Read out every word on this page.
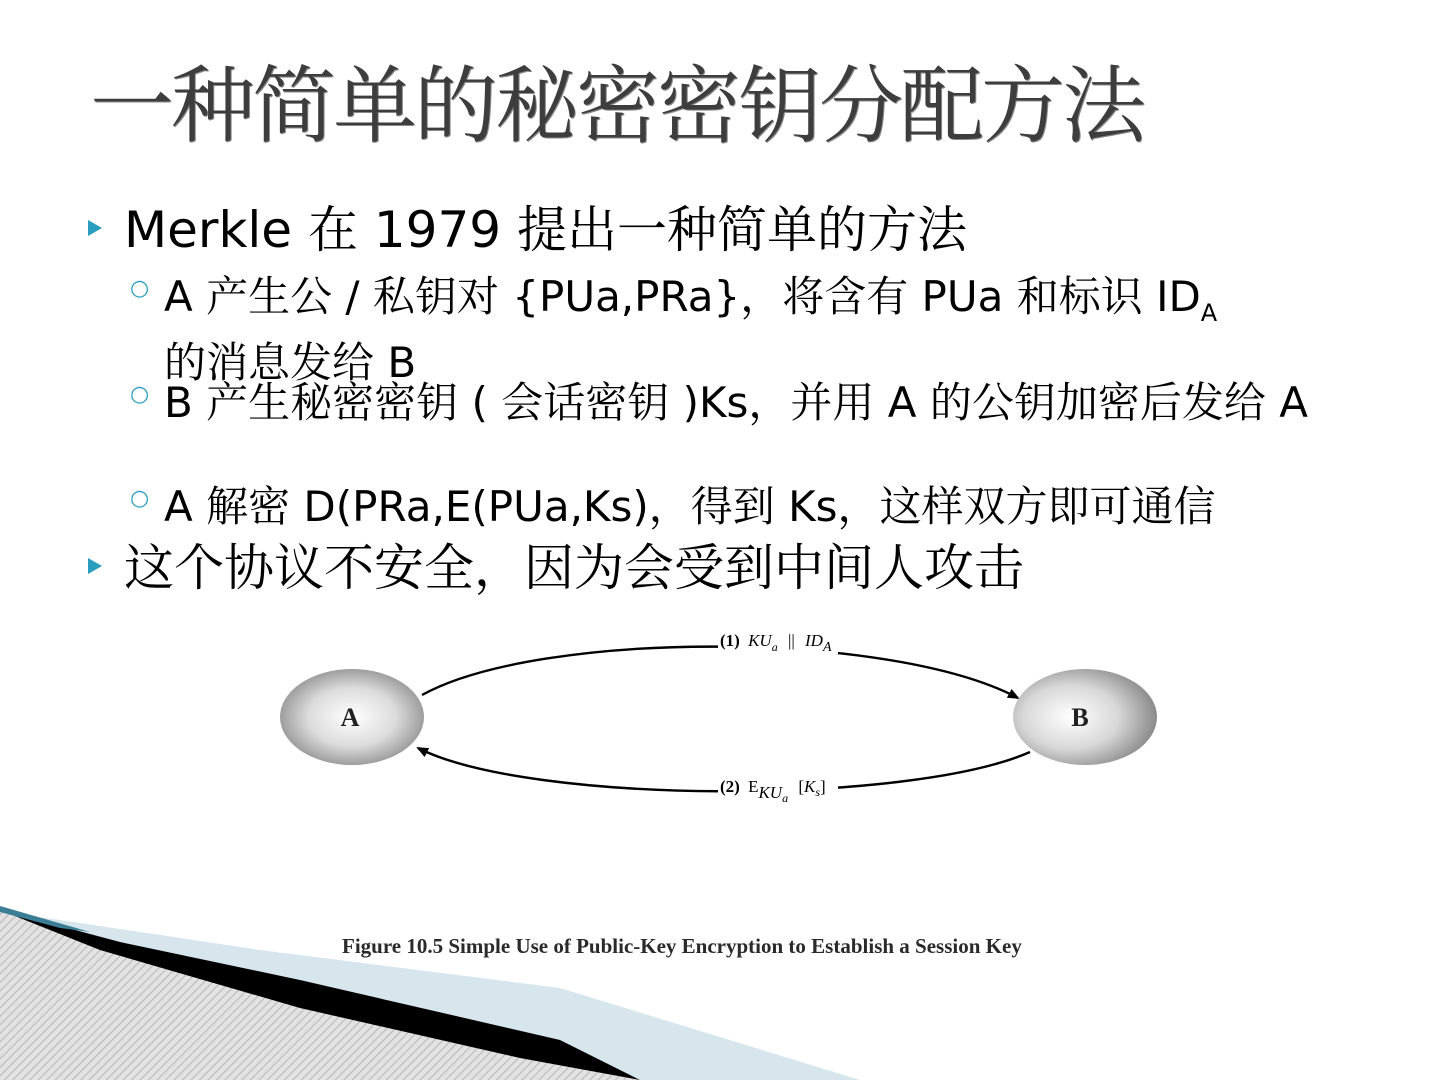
一种简单的秘密密钥分配方法
Merkle 在 1979 提出一种简单的方法
○ A 产生公 / 私钥对 {PUa,PRa}，将含有 PUa 和标识 $ID_A$
的消息发给 B
○ B 产生秘密密钥 ( 会话密钥 )Ks，并用 A 的公钥加密后发给 A
○ A 解密 D(PRa,E(PUa,Ks)，得到 Ks，这样双方即可通信
这个协议不安全，因为会受到中间人攻击
(1) $KU_a$ || $ID_A$
(2) $EKU_a$ $[K_s]$
A	B
Figure 10.5 Simple Use of Public-Key Encryption to Establish a Session Key
